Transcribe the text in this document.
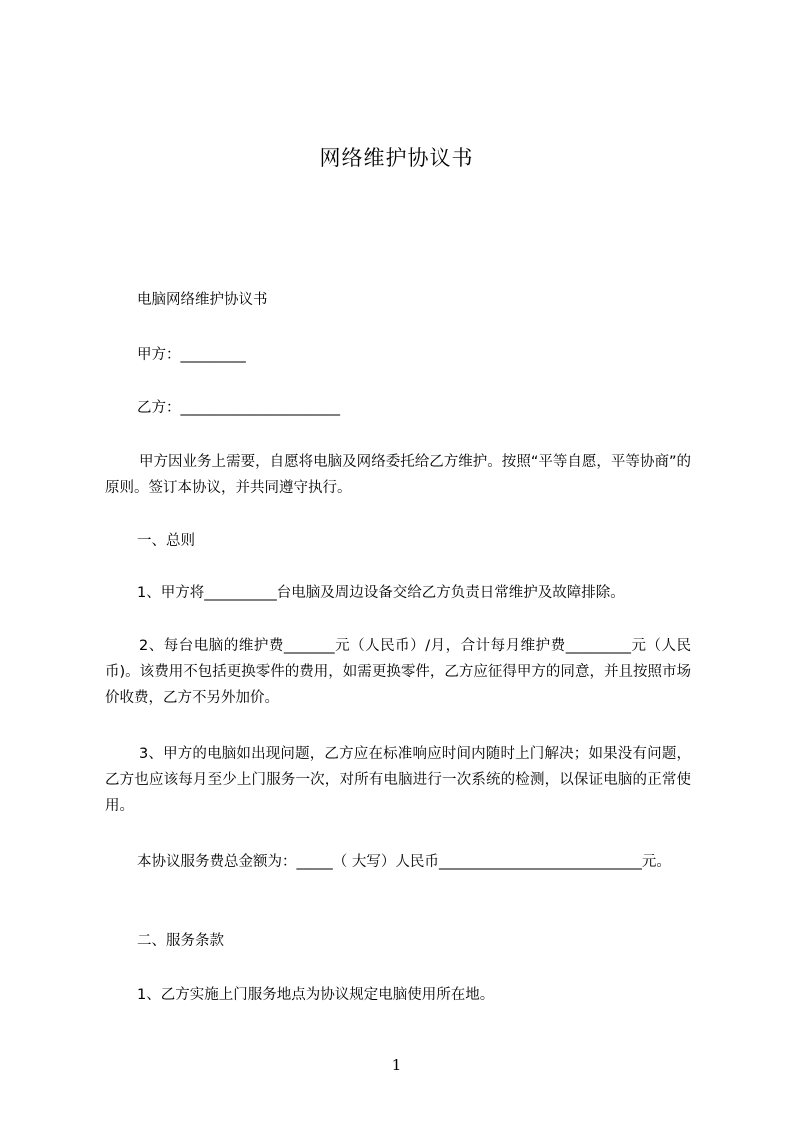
网络维护协议书
电脑网络维护协议书
甲方：_________
乙方：______________________
甲方因业务上需要，自愿将电脑及网络委托给乙方维护。按照“平等自愿，平等协商”的原则。签订本协议，并共同遵守执行。
一、总则
1、甲方将__________台电脑及周边设备交给乙方负责日常维护及故障排除。
2、每台电脑的维护费_______元（人民币）/月，合计每月维护费_________元（人民币)。该费用不包括更换零件的费用，如需更换零件，乙方应征得甲方的同意，并且按照市场价收费，乙方不另外加价。
3、甲方的电脑如出现问题，乙方应在标准响应时间内随时上门解决；如果没有问题，乙方也应该每月至少上门服务一次，对所有电脑进行一次系统的检测，以保证电脑的正常使用。
本协议服务费总金额为：_____（ 大写）人民币____________________________元。
二、服务条款
1、乙方实施上门服务地点为协议规定电脑使用所在地。
1
